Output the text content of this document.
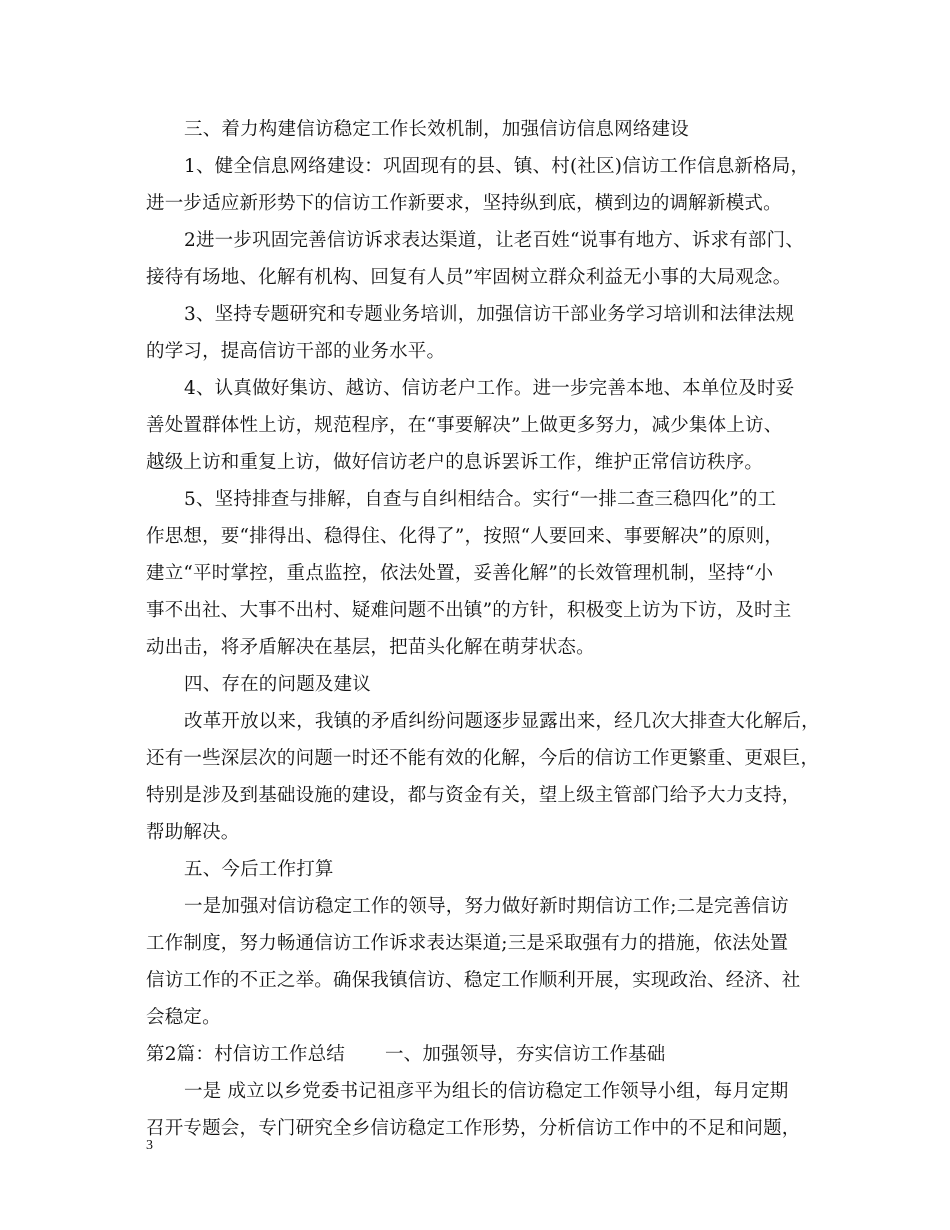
三、着力构建信访稳定工作长效机制，加强信访信息网络建设
1、健全信息网络建设：巩固现有的县、镇、村(社区)信访工作信息新格局，
进一步适应新形势下的信访工作新要求，坚持纵到底，横到边的调解新模式。
2进一步巩固完善信访诉求表达渠道，让老百姓“说事有地方、诉求有部门、
接待有场地、化解有机构、回复有人员”牢固树立群众利益无小事的大局观念。
3、坚持专题研究和专题业务培训，加强信访干部业务学习培训和法律法规
的学习，提高信访干部的业务水平。
4、认真做好集访、越访、信访老户工作。进一步完善本地、本单位及时妥
善处置群体性上访，规范程序，在“事要解决”上做更多努力，减少集体上访、
越级上访和重复上访，做好信访老户的息诉罢诉工作，维护正常信访秩序。
5、坚持排查与排解，自查与自纠相结合。实行“一排二查三稳四化”的工
作思想，要“排得出、稳得住、化得了”，按照“人要回来、事要解决”的原则，
建立“平时掌控，重点监控，依法处置，妥善化解”的长效管理机制，坚持“小
事不出社、大事不出村、疑难问题不出镇”的方针，积极变上访为下访，及时主
动出击，将矛盾解决在基层，把苗头化解在萌芽状态。
四、存在的问题及建议
改革开放以来，我镇的矛盾纠纷问题逐步显露出来，经几次大排查大化解后，
还有一些深层次的问题一时还不能有效的化解，今后的信访工作更繁重、更艰巨，
特别是涉及到基础设施的建设，都与资金有关，望上级主管部门给予大力支持，
帮助解决。
五、今后工作打算
一是加强对信访稳定工作的领导，努力做好新时期信访工作;二是完善信访
工作制度，努力畅通信访工作诉求表达渠道;三是采取强有力的措施，依法处置
信访工作的不正之举。确保我镇信访、稳定工作顺利开展，实现政治、经济、社
会稳定。
第2篇：村信访工作总结 一、加强领导，夯实信访工作基础
一是 成立以乡党委书记祖彦平为组长的信访稳定工作领导小组，每月定期
召开专题会，专门研究全乡信访稳定工作形势，分析信访工作中的不足和问题，
3
